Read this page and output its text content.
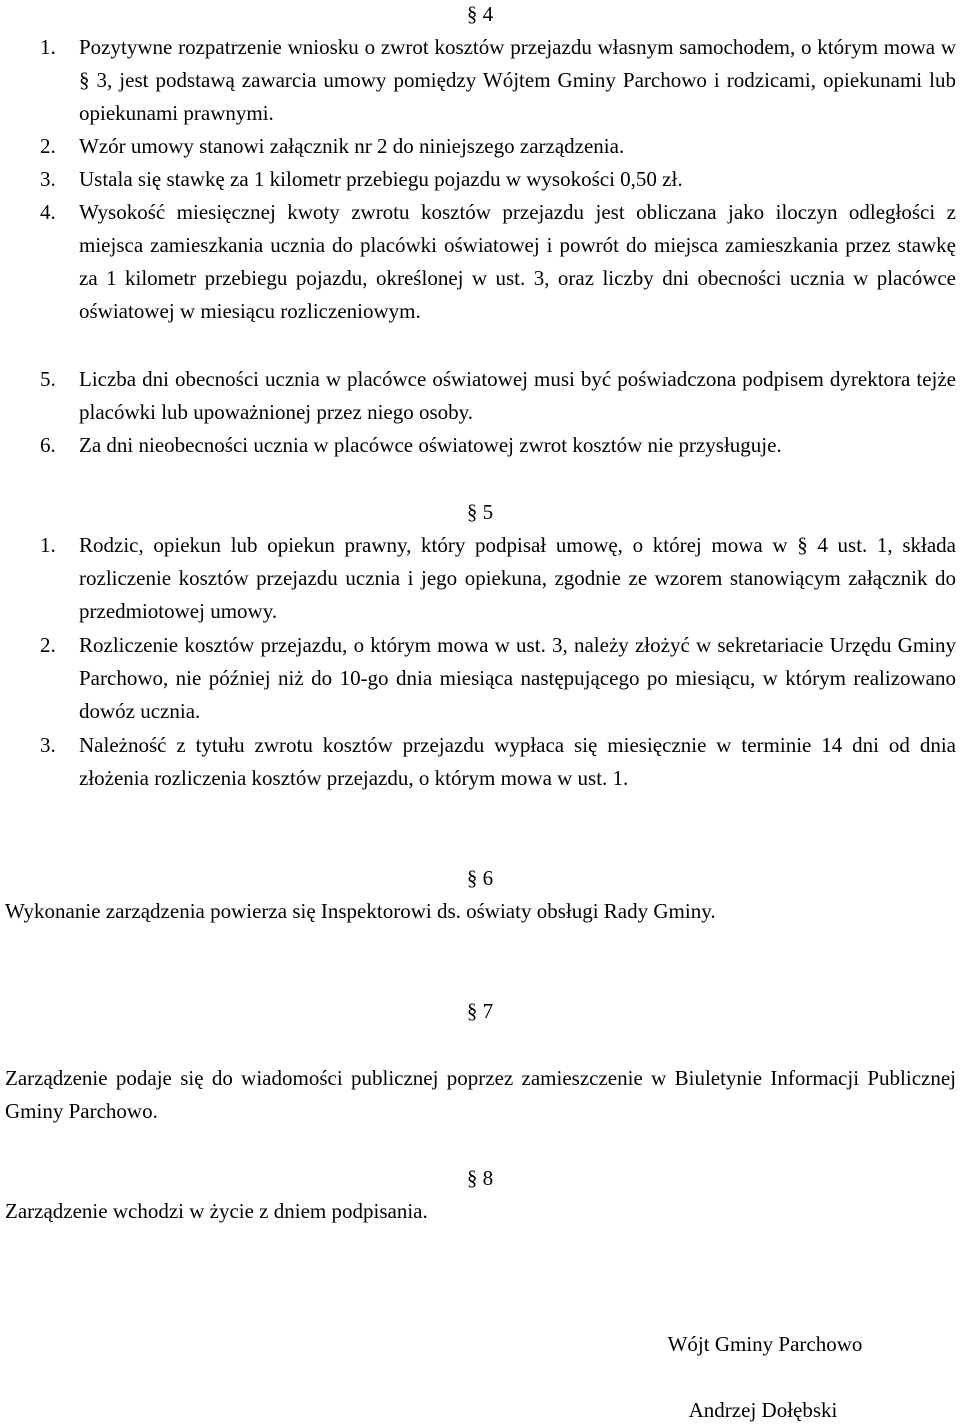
§ 4
1. Pozytywne rozpatrzenie wniosku o zwrot kosztów przejazdu własnym samochodem, o którym mowa w § 3, jest podstawą zawarcia umowy pomiędzy Wójtem Gminy Parchowo i rodzicami, opiekunami lub opiekunami prawnymi.
2. Wzór umowy stanowi załącznik nr 2 do niniejszego zarządzenia.
3. Ustala się stawkę za 1 kilometr przebiegu pojazdu w wysokości 0,50 zł.
4. Wysokość miesięcznej kwoty zwrotu kosztów przejazdu jest obliczana jako iloczyn odległości z miejsca zamieszkania ucznia do placówki oświatowej i powrót do miejsca zamieszkania przez stawkę za 1 kilometr przebiegu pojazdu, określonej w ust. 3, oraz liczby dni obecności ucznia w placówce oświatowej w miesiącu rozliczeniowym.
5. Liczba dni obecności ucznia w placówce oświatowej musi być poświadczona podpisem dyrektora tejże placówki lub upoważnionej przez niego osoby.
6. Za dni nieobecności ucznia w placówce oświatowej zwrot kosztów nie przysługuje.
§ 5
1. Rodzic, opiekun lub opiekun prawny, który podpisał umowę, o której mowa w § 4 ust. 1, składa rozliczenie kosztów przejazdu ucznia i jego opiekuna, zgodnie ze wzorem stanowiącym załącznik do przedmiotowej umowy.
2. Rozliczenie kosztów przejazdu, o którym mowa w ust. 3, należy złożyć w sekretariacie Urzędu Gminy Parchowo, nie później niż do 10-go dnia miesiąca następującego po miesiącu, w którym realizowano dowóz ucznia.
3. Należność z tytułu zwrotu kosztów przejazdu wypłaca się miesięcznie w terminie 14 dni od dnia złożenia rozliczenia kosztów przejazdu, o którym mowa w ust. 1.
§ 6
Wykonanie zarządzenia powierza się Inspektorowi ds. oświaty obsługi Rady Gminy.
§ 7
Zarządzenie podaje się do wiadomości publicznej poprzez zamieszczenie w Biuletynie Informacji Publicznej Gminy Parchowo.
§ 8
Zarządzenie wchodzi w życie z dniem podpisania.
Wójt Gminy Parchowo
Andrzej Dołębski
